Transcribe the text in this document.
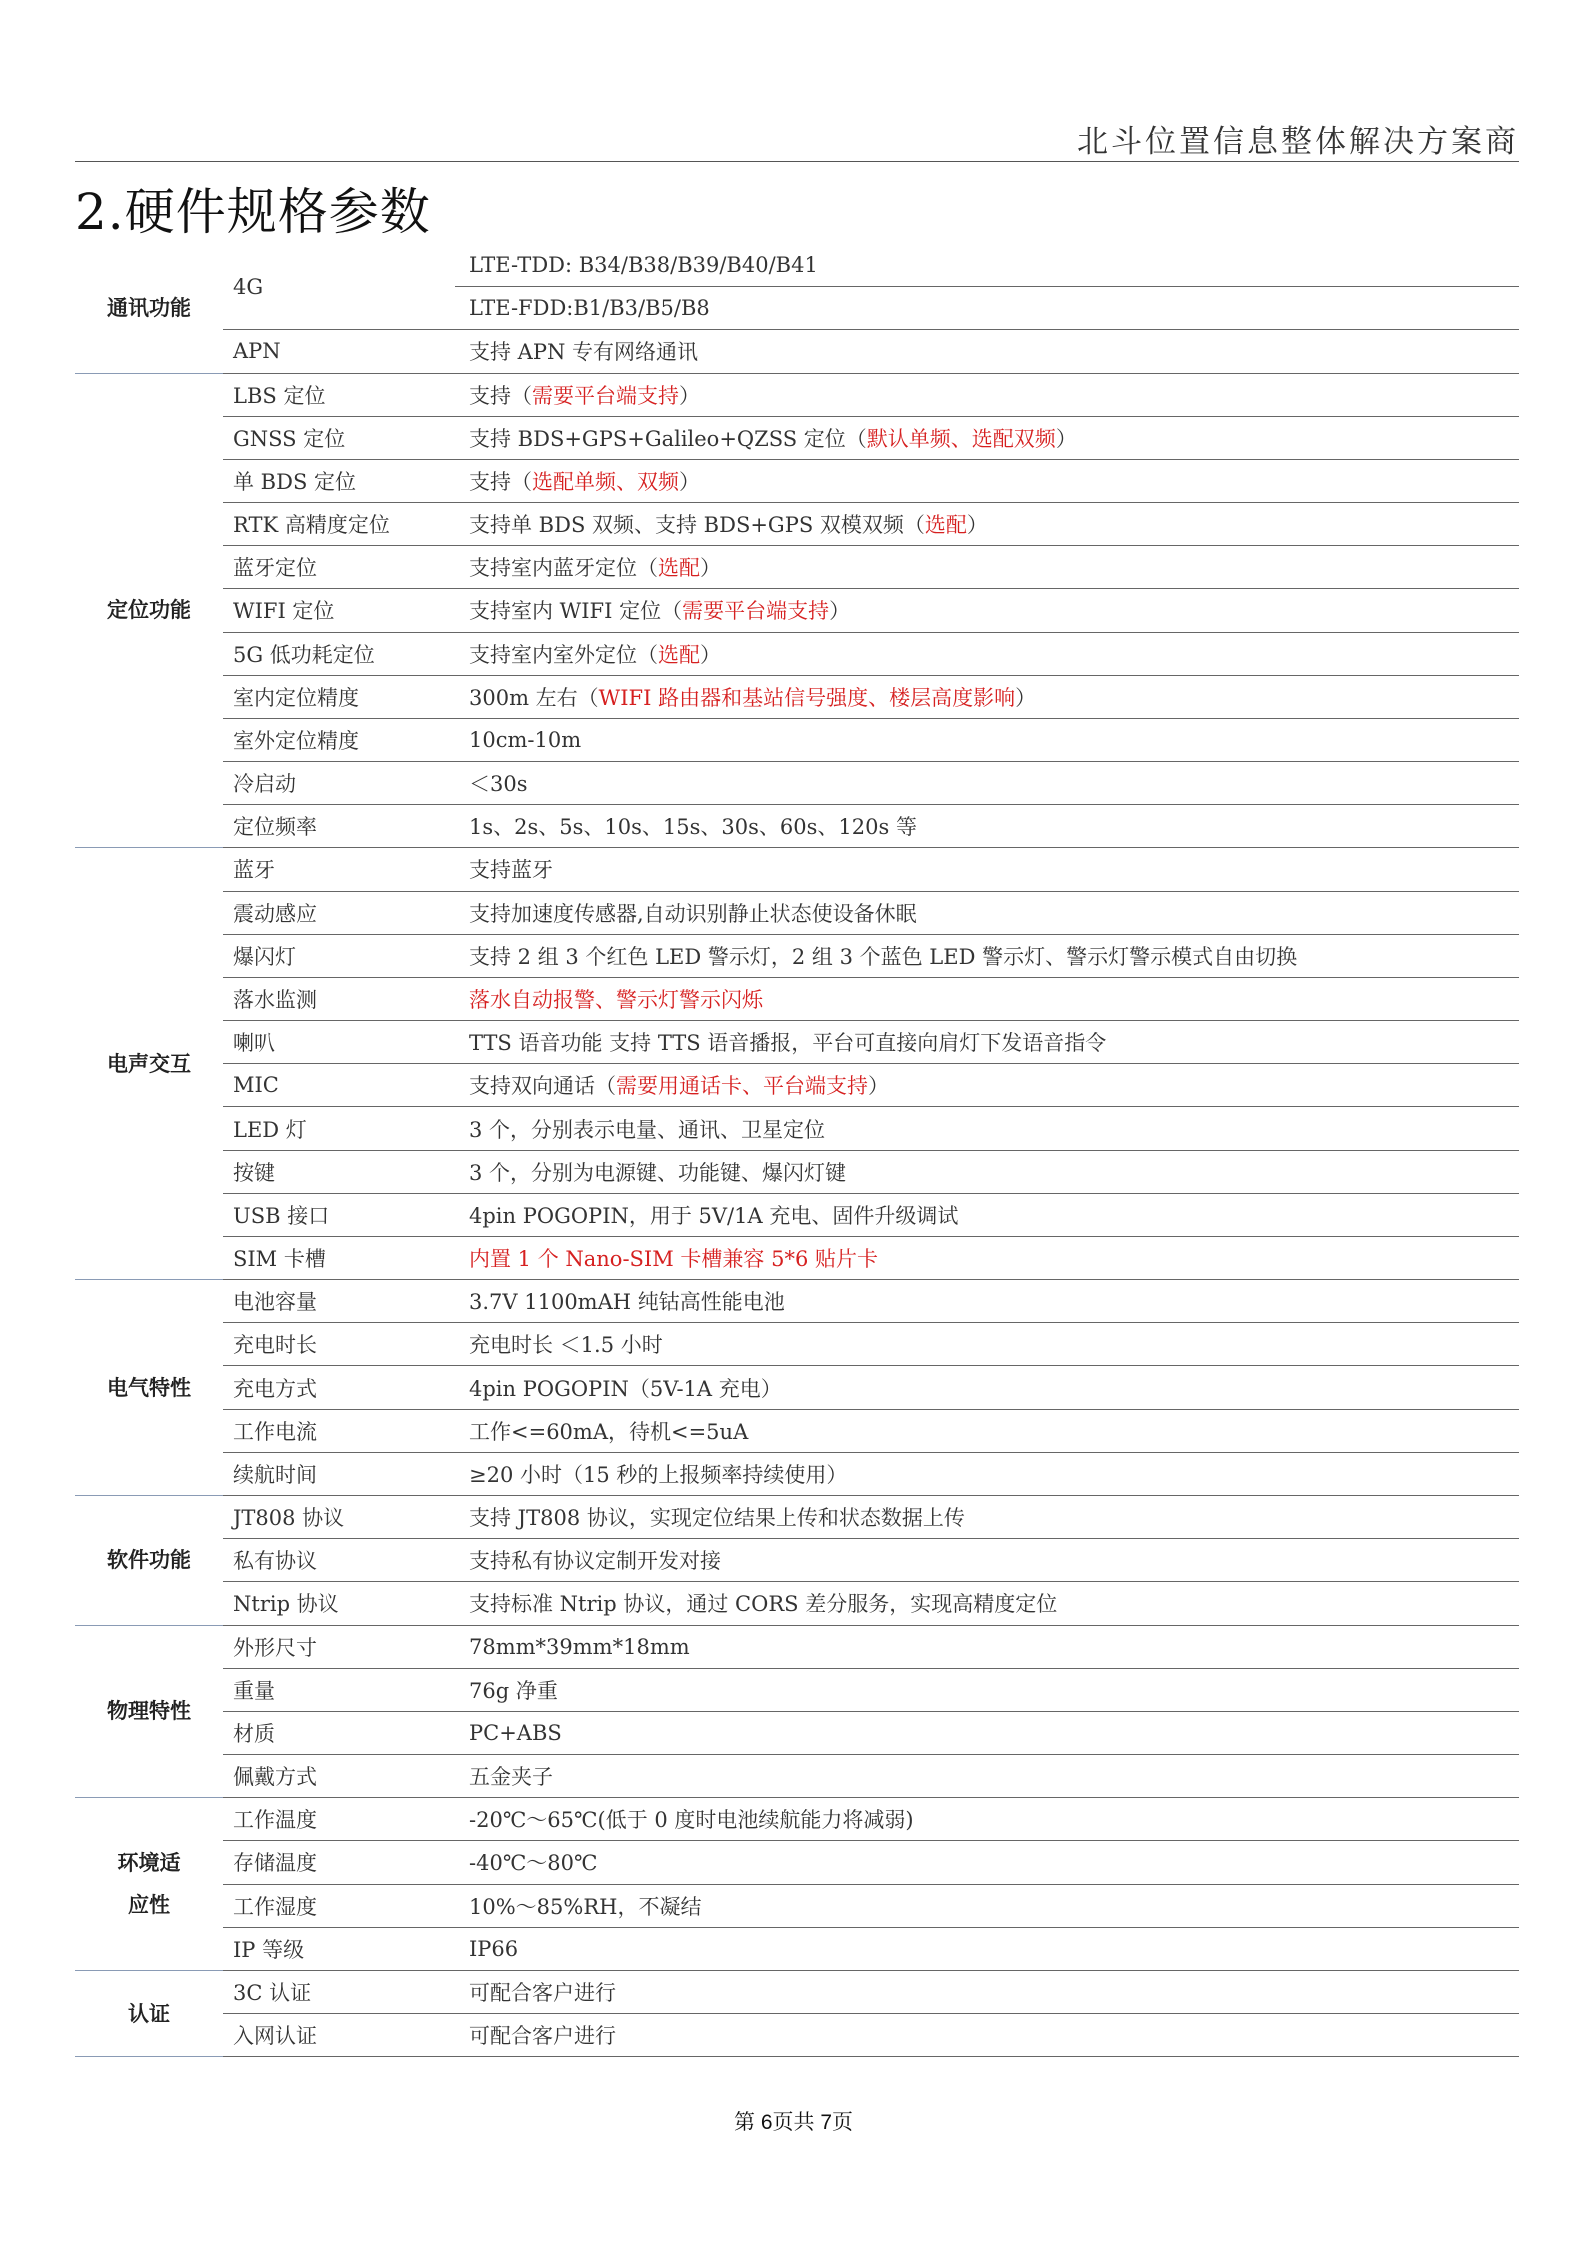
北斗位置信息整体解决方案商
2.硬件规格参数
通讯功能	4G	LTE-TDD: B34/B38/B39/B40/B41
		LTE-FDD:B1/B3/B5/B8
	APN	支持 APN 专有网络通讯
定位功能	LBS 定位	支持（需要平台端支持）
	GNSS 定位	支持 BDS+GPS+Galileo+QZSS 定位（默认单频、选配双频）
	单 BDS 定位	支持（选配单频、双频）
	RTK 高精度定位	支持单 BDS 双频、支持 BDS+GPS 双模双频（选配）
	蓝牙定位	支持室内蓝牙定位（选配）
	WIFI 定位	支持室内 WIFI 定位（需要平台端支持）
	5G 低功耗定位	支持室内室外定位（选配）
	室内定位精度	300m 左右（WIFI 路由器和基站信号强度、楼层高度影响）
	室外定位精度	10cm-10m
	冷启动	＜30s
	定位频率	1s、2s、5s、10s、15s、30s、60s、120s 等
电声交互	蓝牙	支持蓝牙
	震动感应	支持加速度传感器,自动识别静止状态使设备休眠
	爆闪灯	支持 2 组 3 个红色 LED 警示灯，2 组 3 个蓝色 LED 警示灯、警示灯警示模式自由切换
	落水监测	落水自动报警、警示灯警示闪烁
	喇叭	TTS 语音功能 支持 TTS 语音播报，平台可直接向肩灯下发语音指令
	MIC	支持双向通话（需要用通话卡、平台端支持）
	LED 灯	3 个，分别表示电量、通讯、卫星定位
	按键	3 个，分别为电源键、功能键、爆闪灯键
	USB 接口	4pin POGOPIN，用于 5V/1A 充电、固件升级调试
	SIM 卡槽	内置 1 个 Nano-SIM 卡槽兼容 5*6 贴片卡
电气特性	电池容量	3.7V 1100mAH 纯钴高性能电池
	充电时长	充电时长 ＜1.5 小时
	充电方式	4pin POGOPIN（5V-1A 充电）
	工作电流	工作<=60mA，待机<=5uA
	续航时间	≥20 小时（15 秒的上报频率持续使用）
软件功能	JT808 协议	支持 JT808 协议，实现定位结果上传和状态数据上传
	私有协议	支持私有协议定制开发对接
	Ntrip 协议	支持标准 Ntrip 协议，通过 CORS 差分服务，实现高精度定位
物理特性	外形尺寸	78mm*39mm*18mm
	重量	76g 净重
	材质	PC+ABS
	佩戴方式	五金夹子
环境适应性	工作温度	-20℃～65℃(低于 0 度时电池续航能力将减弱)
	存储温度	-40℃～80℃
	工作湿度	10%～85%RH，不凝结
	IP 等级	IP66
认证	3C 认证	可配合客户进行
	入网认证	可配合客户进行
第 6页共 7页
